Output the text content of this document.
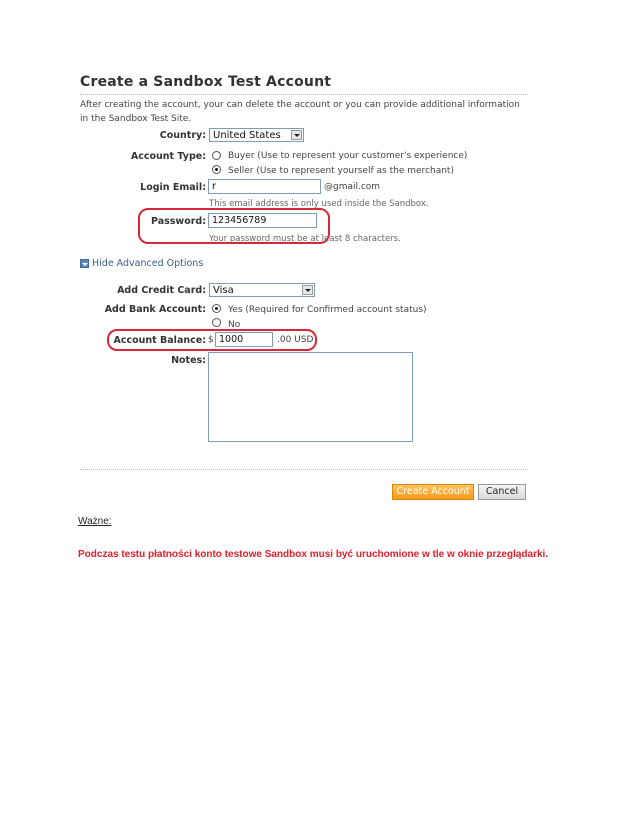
Create a Sandbox Test Account
After creating the account, your can delete the account or you can provide additional information in the Sandbox Test Site.
Country: United States
Account Type: Buyer (Use to represent your customer's experience)
Seller (Use to represent yourself as the merchant)
Login Email: r	@gmail.com
This email address is only used inside the Sandbox.
Password: 123456789
Your password must be at least 8 characters.
Hide Advanced Options
Add Credit Card: Visa
Add Bank Account: Yes (Required for Confirmed account status)
No
Account Balance: $ 1000	.00 USD
Notes:
Create Account	Cancel
Ważne:
Podczas testu płatności konto testowe Sandbox musi być uruchomione w tle w oknie przeglądarki.
